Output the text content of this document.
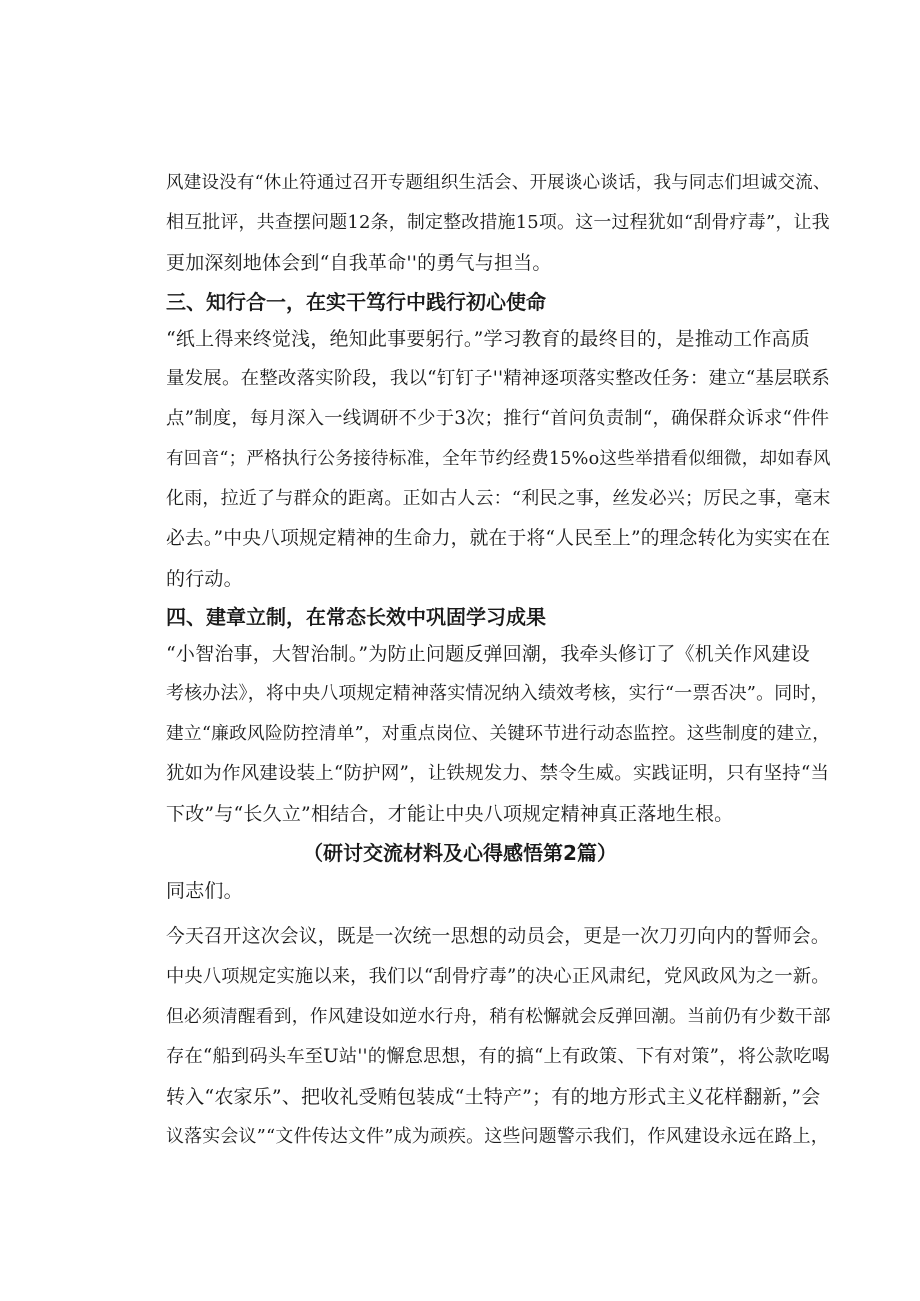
风建设没有“休止符通过召开专题组织生活会、开展谈心谈话，我与同志们坦诚交流、
相互批评，共查摆问题12条，制定整改措施15项。这一过程犹如“刮骨疗毒”，让我
更加深刻地体会到“自我革命''的勇气与担当。
三、知行合一，在实干笃行中践行初心使命
“纸上得来终觉浅，绝知此事要躬行。”学习教育的最终目的，是推动工作高质
量发展。在整改落实阶段，我以“钉钉子''精神逐项落实整改任务：建立“基层联系
点”制度，每月深入一线调研不少于3次；推行“首问负责制“，确保群众诉求“件件
有回音“；严格执行公务接待标准，全年节约经费15%o这些举措看似细微，却如春风
化雨，拉近了与群众的距离。正如古人云：“利民之事，丝发必兴；厉民之事，毫末
必去。”中央八项规定精神的生命力，就在于将“人民至上”的理念转化为实实在在
的行动。
四、建章立制，在常态长效中巩固学习成果
“小智治事，大智治制。”为防止问题反弹回潮，我牵头修订了《机关作风建设
考核办法》，将中央八项规定精神落实情况纳入绩效考核，实行“一票否决”。同时，
建立“廉政风险防控清单”，对重点岗位、关键环节进行动态监控。这些制度的建立，
犹如为作风建设装上“防护网”，让铁规发力、禁令生威。实践证明，只有坚持“当
下改”与“长久立”相结合，才能让中央八项规定精神真正落地生根。
（研讨交流材料及心得感悟第2篇）
同志们。
今天召开这次会议，既是一次统一思想的动员会，更是一次刀刃向内的誓师会。
中央八项规定实施以来，我们以“刮骨疗毒”的决心正风肃纪，党风政风为之一新。
但必须清醒看到，作风建设如逆水行舟，稍有松懈就会反弹回潮。当前仍有少数干部
存在“船到码头车至U站''的懈怠思想，有的搞“上有政策、下有对策”，将公款吃喝
转入“农家乐”、把收礼受贿包装成“土特产”；有的地方形式主义花样翻新，”会
议落实会议”“文件传达文件”成为顽疾。这些问题警示我们，作风建设永远在路上，
